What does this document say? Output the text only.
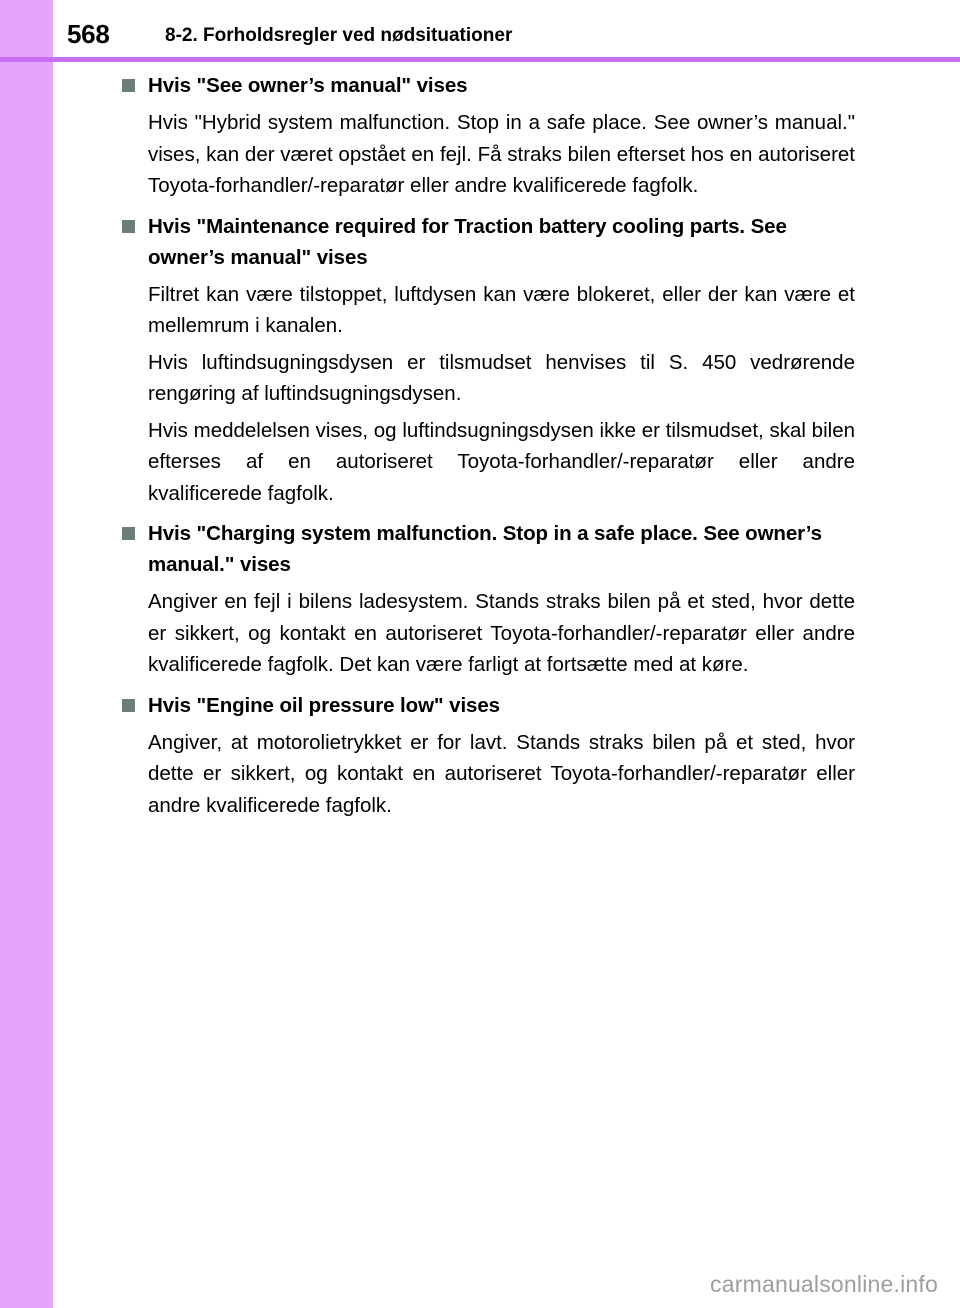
568	8-2. Forholdsregler ved nødsituationer
Hvis "See owner’s manual" vises

Hvis "Hybrid system malfunction. Stop in a safe place. See owner’s manual." vises, kan der været opstået en fejl. Få straks bilen efterset hos en autoriseret Toyota-forhandler/-reparatør eller andre kvalificerede fagfolk.

Hvis "Maintenance required for Traction battery cooling parts. See owner’s manual" vises

Filtret kan være tilstoppet, luftdysen kan være blokeret, eller der kan være et mellemrum i kanalen.

Hvis luftindsugningsdysen er tilsmudset henvises til S. 450 vedrørende rengøring af luftindsugningsdysen.

Hvis meddelelsen vises, og luftindsugningsdysen ikke er tilsmudset, skal bilen efterses af en autoriseret Toyota-forhandler/-reparatør eller andre kvalificerede fagfolk.

Hvis "Charging system malfunction. Stop in a safe place. See owner’s manual." vises

Angiver en fejl i bilens ladesystem. Stands straks bilen på et sted, hvor dette er sikkert, og kontakt en autoriseret Toyota-forhandler/-reparatør eller andre kvalificerede fagfolk. Det kan være farligt at fortsætte med at køre.

Hvis "Engine oil pressure low" vises

Angiver, at motorolietrykket er for lavt. Stands straks bilen på et sted, hvor dette er sikkert, og kontakt en autoriseret Toyota-forhandler/-reparatør eller andre kvalificerede fagfolk.

carmanualsonline.info
